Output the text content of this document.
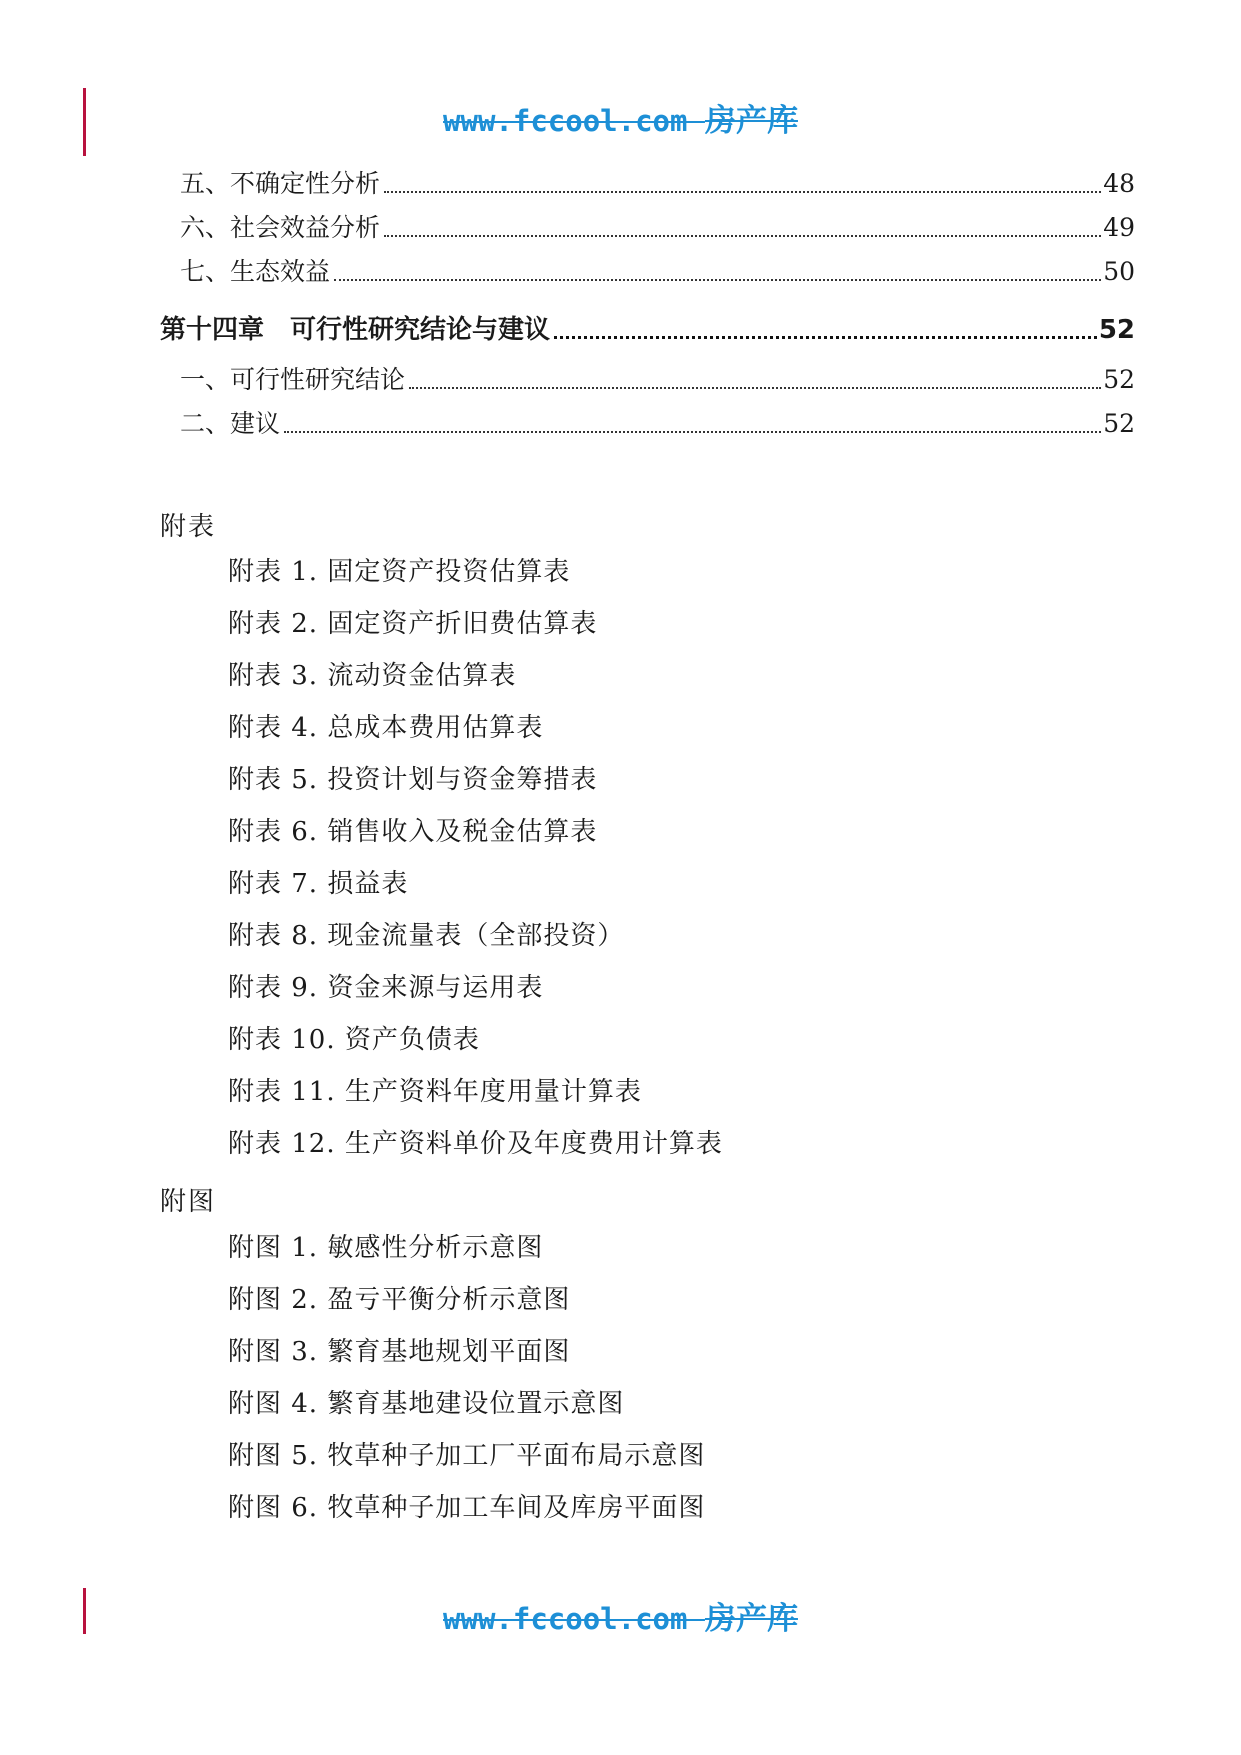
www.fccool.com 房产库
五、不确定性分析	48
六、社会效益分析	49
七、生态效益	50
第十四章　可行性研究结论与建议	52
一、可行性研究结论	52
二、建议	52
附表
附表 1. 固定资产投资估算表
附表 2. 固定资产折旧费估算表
附表 3. 流动资金估算表
附表 4. 总成本费用估算表
附表 5. 投资计划与资金筹措表
附表 6. 销售收入及税金估算表
附表 7. 损益表
附表 8. 现金流量表（全部投资）
附表 9. 资金来源与运用表
附表 10. 资产负债表
附表 11. 生产资料年度用量计算表
附表 12. 生产资料单价及年度费用计算表
附图
附图 1. 敏感性分析示意图
附图 2. 盈亏平衡分析示意图
附图 3. 繁育基地规划平面图
附图 4. 繁育基地建设位置示意图
附图 5. 牧草种子加工厂平面布局示意图
附图 6. 牧草种子加工车间及库房平面图
www.fccool.com 房产库
